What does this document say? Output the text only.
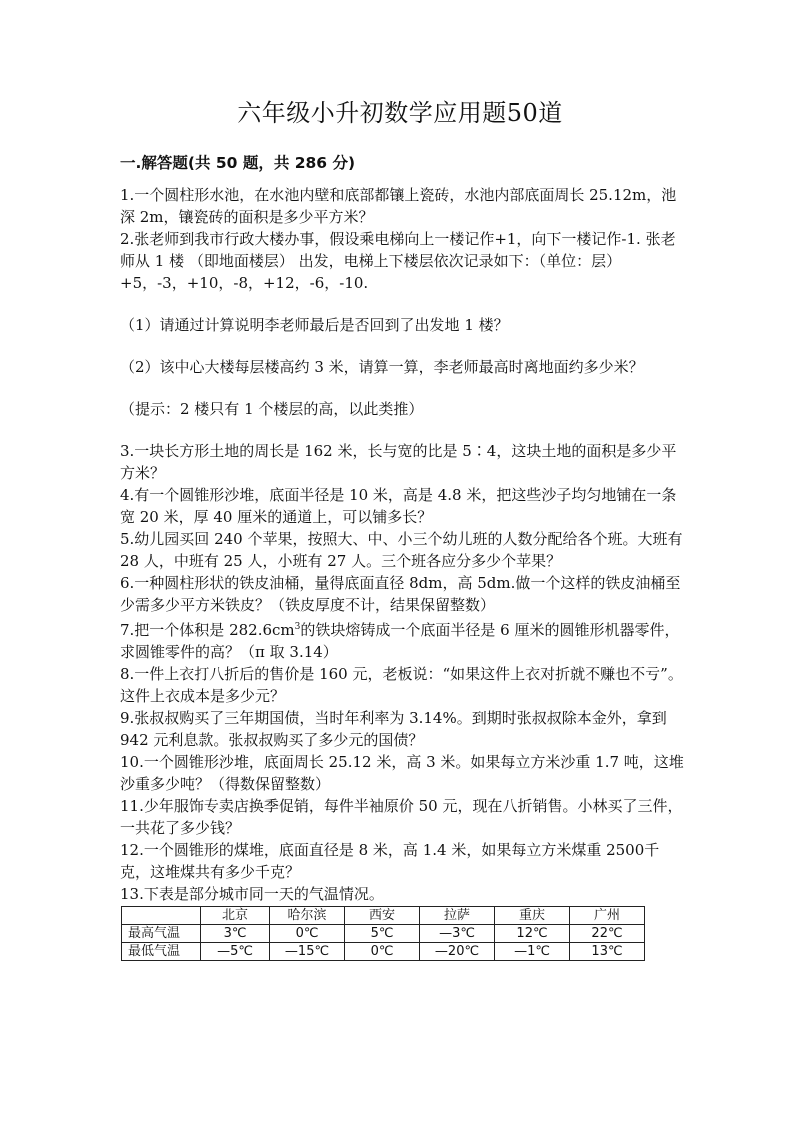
六年级小升初数学应用题50道
一.解答题(共 50 题，共 286 分)

1.一个圆柱形水池，在水池内壁和底部都镶上瓷砖，水池内部底面周长 25.12m，池深 2m，镶瓷砖的面积是多少平方米？

2.张老师到我市行政大楼办事，假设乘电梯向上一楼记作+1，向下一楼记作-1. 张老师从 1 楼 （即地面楼层） 出发，电梯上下楼层依次记录如下：（单位：层）+5，-3，+10，-8，+12，-6，-10.

（1）请通过计算说明李老师最后是否回到了出发地 1 楼？

（2）该中心大楼每层楼高约 3 米，请算一算，李老师最高时离地面约多少米？

（提示：2 楼只有 1 个楼层的高，以此类推）

3.一块长方形土地的周长是 162 米，长与宽的比是 5∶4，这块土地的面积是多少平方米？

4.有一个圆锥形沙堆，底面半径是 10 米，高是 4.8 米，把这些沙子均匀地铺在一条宽 20 米，厚 40 厘米的通道上，可以铺多长？

5.幼儿园买回 240 个苹果，按照大、中、小三个幼儿班的人数分配给各个班。大班有 28 人，中班有 25 人，小班有 27 人。三个班各应分多少个苹果？

6.一种圆柱形状的铁皮油桶，量得底面直径 8dm，高 5dm.做一个这样的铁皮油桶至少需多少平方米铁皮？（铁皮厚度不计，结果保留整数）

7.把一个体积是 $282.6cm^3$的铁块熔铸成一个底面半径是 6 厘米的圆锥形机器零件，求圆锥零件的高？（π 取 3.14）

8.一件上衣打八折后的售价是 160 元，老板说：“如果这件上衣对折就不赚也不亏”。这件上衣成本是多少元？

9.张叔叔购买了三年期国债，当时年利率为 3.14%。到期时张叔叔除本金外，拿到 942 元利息款。张叔叔购买了多少元的国债？

10.一个圆锥形沙堆，底面周长 25.12 米，高 3 米。如果每立方米沙重 1.7 吨，这堆沙重多少吨？（得数保留整数）

11.少年服饰专卖店换季促销，每件半袖原价 50 元，现在八折销售。小林买了三件，一共花了多少钱？

12.一个圆锥形的煤堆，底面直径是 8 米，高 1.4 米，如果每立方米煤重 2500千克，这堆煤共有多少千克？

13.下表是部分城市同一天的气温情况。

	北京	哈尔滨	西安	拉萨	重庆	广州
最高气温	3℃	0℃	5℃	—3℃	12℃	22℃
最低气温	—5℃	—15℃	0℃	—20℃	—1℃	13℃
